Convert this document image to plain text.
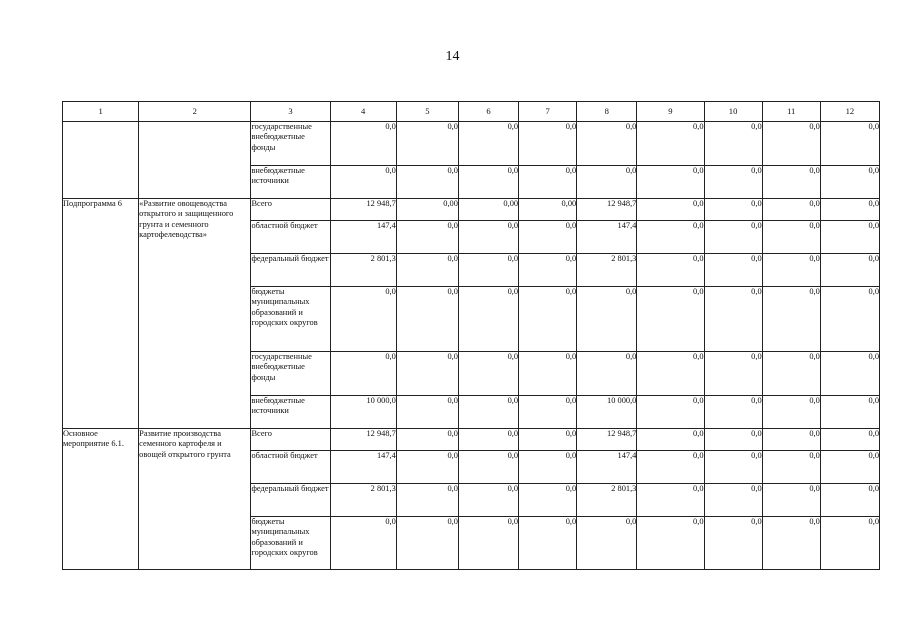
14
1	2	3	4	5	6	7	8	9	10	11	12
		государственные внебюджетные фонды	0,0	0,0	0,0	0,0	0,0	0,0	0,0	0,0	0,0
		внебюджетные источники	0,0	0,0	0,0	0,0	0,0	0,0	0,0	0,0	0,0
Подпрограмма 6	«Развитие овощеводства открытого и защищенного грунта и семенного картофелеводства»	Всего	12 948,7	0,00	0,00	0,00	12 948,7	0,0	0,0	0,0	0,0
		областной бюджет	147,4	0,0	0,0	0,0	147,4	0,0	0,0	0,0	0,0
		федеральный бюджет	2 801,3	0,0	0,0	0,0	2 801,3	0,0	0,0	0,0	0,0
		бюджеты муниципальных образований и городских округов	0,0	0,0	0,0	0,0	0,0	0,0	0,0	0,0	0,0
		государственные внебюджетные фонды	0,0	0,0	0,0	0,0	0,0	0,0	0,0	0,0	0,0
		внебюджетные источники	10 000,0	0,0	0,0	0,0	10 000,0	0,0	0,0	0,0	0,0
Основное мероприятие 6.1.	Развитие производства семенного картофеля и овощей открытого грунта	Всего	12 948,7	0,0	0,0	0,0	12 948,7	0,0	0,0	0,0	0,0
		областной бюджет	147,4	0,0	0,0	0,0	147,4	0,0	0,0	0,0	0,0
		федеральный бюджет	2 801,3	0,0	0,0	0,0	2 801,3	0,0	0,0	0,0	0,0
		бюджеты муниципальных образований и городских округов	0,0	0,0	0,0	0,0	0,0	0,0	0,0	0,0	0,0
